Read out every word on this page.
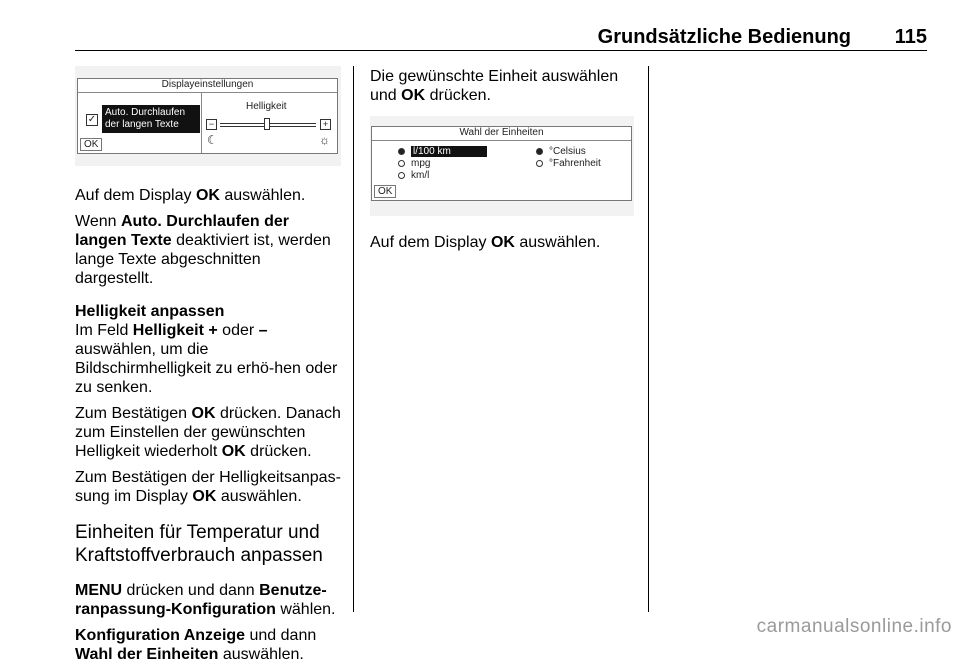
Grundsätzliche Bedienung 115
Displayeinstellungen
✓
Auto. Durchlaufen
der langen Texte
OK
Helligkeit
−	+
☾	☼

Auf dem Display OK auswählen.

Wenn Auto. Durchlaufen der langen Texte deaktiviert ist, werden lange Texte abgeschnitten dargestellt.

Helligkeit anpassen

Im Feld Helligkeit + oder – auswählen, um die Bildschirmhelligkeit zu erhö-hen oder zu senken.

Zum Bestätigen OK drücken. Danach zum Einstellen der gewünschten Helligkeit wiederholt OK drücken.

Zum Bestätigen der Helligkeitsanpas-sung im Display OK auswählen.

Einheiten für Temperatur und Kraftstoffverbrauch anpassen

MENU drücken und dann Benutze-ranpassung-Konfiguration wählen.

Konfiguration Anzeige und dann Wahl der Einheiten auswählen.

Die gewünschte Einheit auswählen und OK drücken.

Wahl der Einheiten
l/100 km
mpg
km/l
°Celsius
°Fahrenheit
OK

Auf dem Display OK auswählen.

carmanualsonline.info
